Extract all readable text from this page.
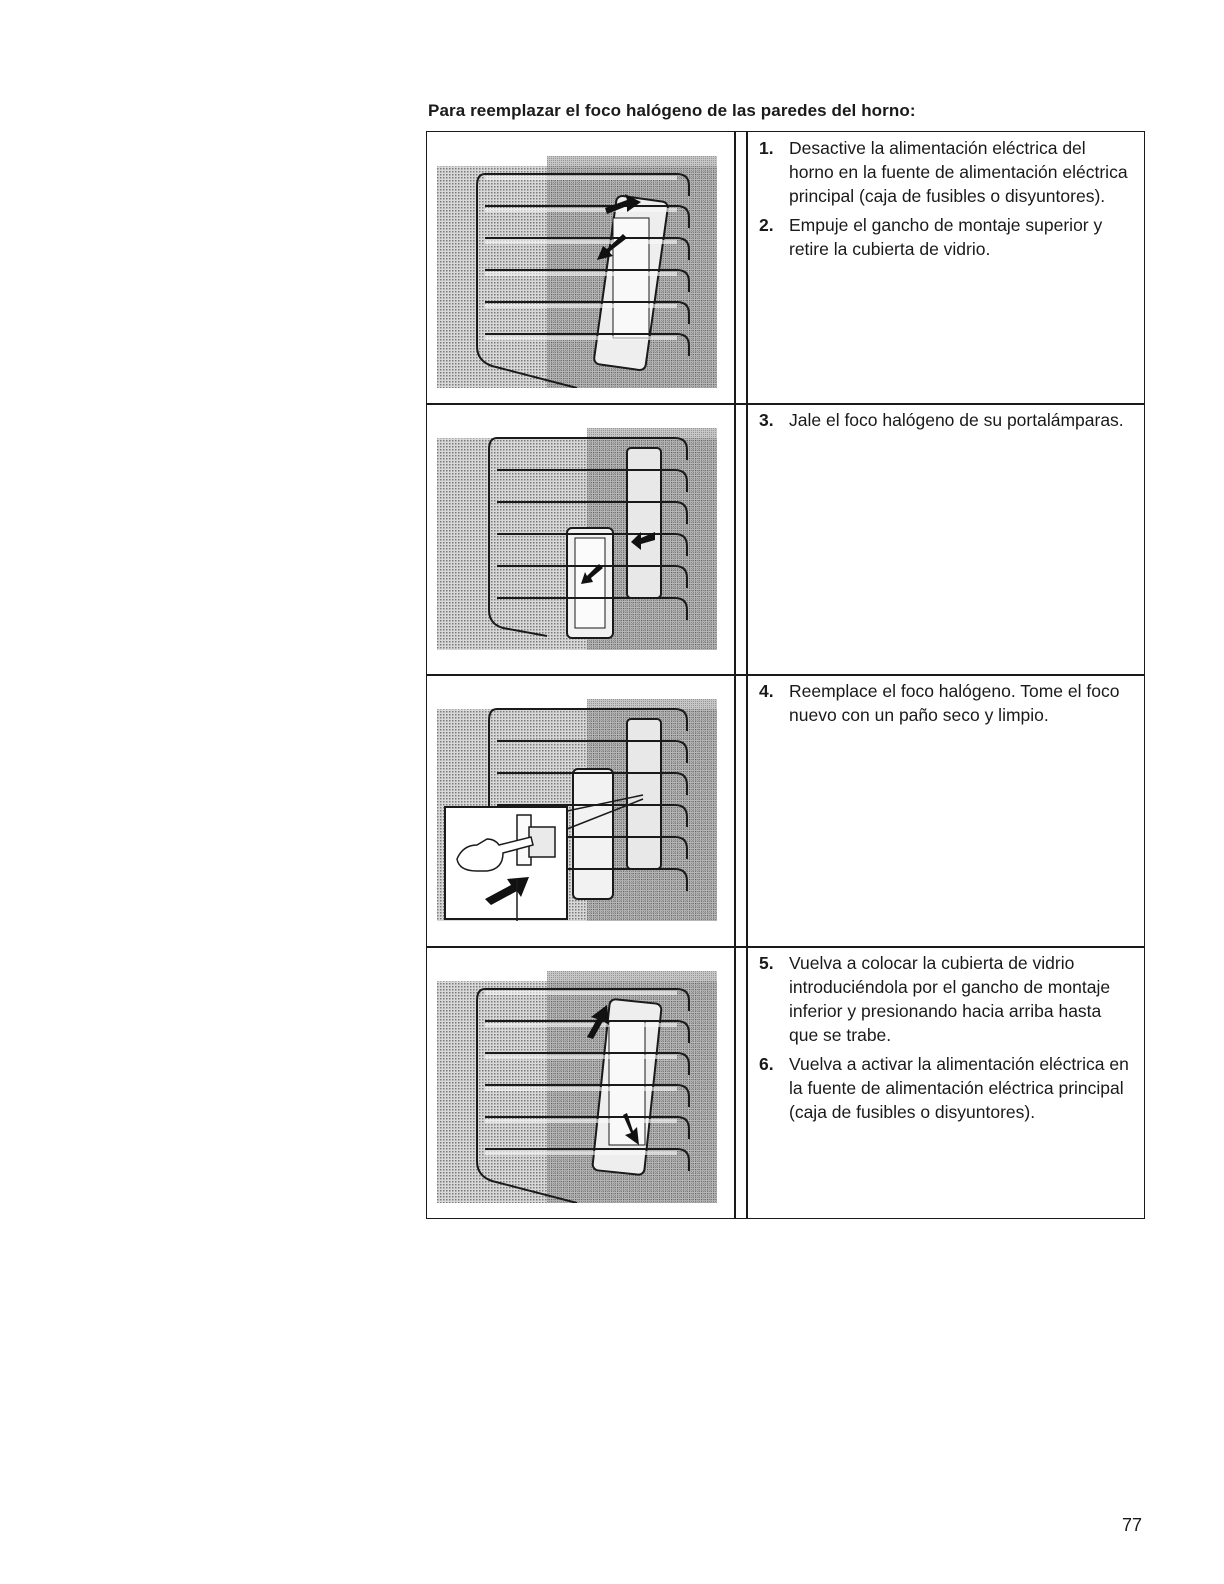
Para reemplazar el foco halógeno de las paredes del horno:
1. Desactive la alimentación eléctrica del horno en la fuente de alimentación eléctrica principal (caja de fusibles o disyuntores).
2. Empuje el gancho de montaje superior y retire la cubierta de vidrio.
3. Jale el foco halógeno de su portalámparas.
4. Reemplace el foco halógeno. Tome el foco nuevo con un paño seco y limpio.
5. Vuelva a colocar la cubierta de vidrio introduciéndola por el gancho de montaje inferior y presionando hacia arriba hasta que se trabe.
6. Vuelva a activar la alimentación eléctrica en la fuente de alimentación eléctrica principal (caja de fusibles o disyuntores).
77
